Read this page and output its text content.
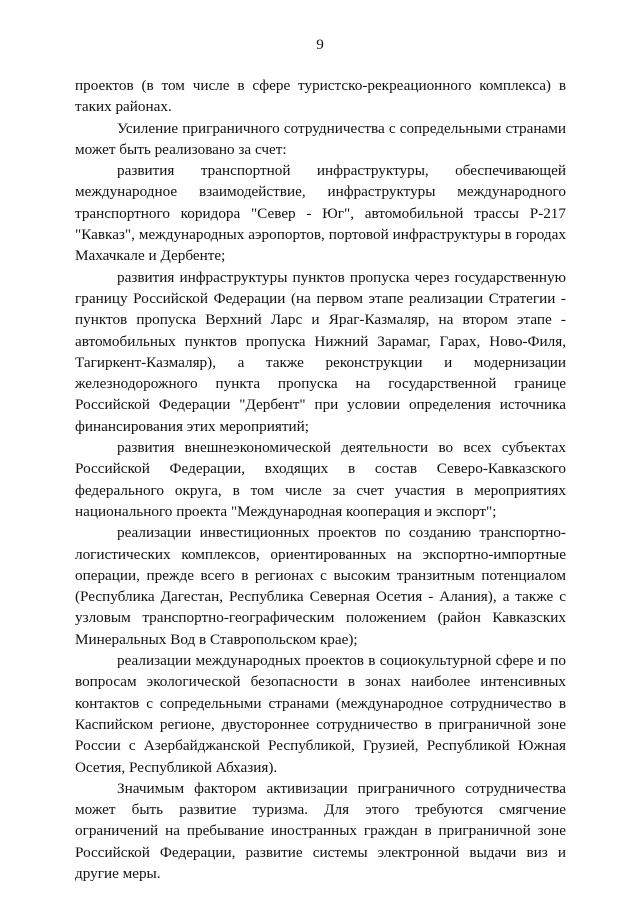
9

проектов (в том числе в сфере туристско-рекреационного комплекса) в таких районах.

Усиление приграничного сотрудничества с сопредельными странами может быть реализовано за счет:

развития транспортной инфраструктуры, обеспечивающей международное взаимодействие, инфраструктуры международного транспортного коридора "Север - Юг", автомобильной трассы Р-217 "Кавказ", международных аэропортов, портовой инфраструктуры в городах Махачкале и Дербенте;

развития инфраструктуры пунктов пропуска через государственную границу Российской Федерации (на первом этапе реализации Стратегии - пунктов пропуска Верхний Ларс и Яраг-Казмаляр, на втором этапе - автомобильных пунктов пропуска Нижний Зарамаг, Гарах, Ново-Филя, Тагиркент-Казмаляр), а также реконструкции и модернизации железнодорожного пункта пропуска на государственной границе Российской Федерации "Дербент" при условии определения источника финансирования этих мероприятий;

развития внешнеэкономической деятельности во всех субъектах Российской Федерации, входящих в состав Северо-Кавказского федерального округа, в том числе за счет участия в мероприятиях национального проекта "Международная кооперация и экспорт";

реализации инвестиционных проектов по созданию транспортно-логистических комплексов, ориентированных на экспортно-импортные операции, прежде всего в регионах с высоким транзитным потенциалом (Республика Дагестан, Республика Северная Осетия - Алания), а также с узловым транспортно-географическим положением (район Кавказских Минеральных Вод в Ставропольском крае);

реализации международных проектов в социокультурной сфере и по вопросам экологической безопасности в зонах наиболее интенсивных контактов с сопредельными странами (международное сотрудничество в Каспийском регионе, двустороннее сотрудничество в приграничной зоне России с Азербайджанской Республикой, Грузией, Республикой Южная Осетия, Республикой Абхазия).

Значимым фактором активизации приграничного сотрудничества может быть развитие туризма. Для этого требуются смягчение ограничений на пребывание иностранных граждан в приграничной зоне Российской Федерации, развитие системы электронной выдачи виз и другие меры.
